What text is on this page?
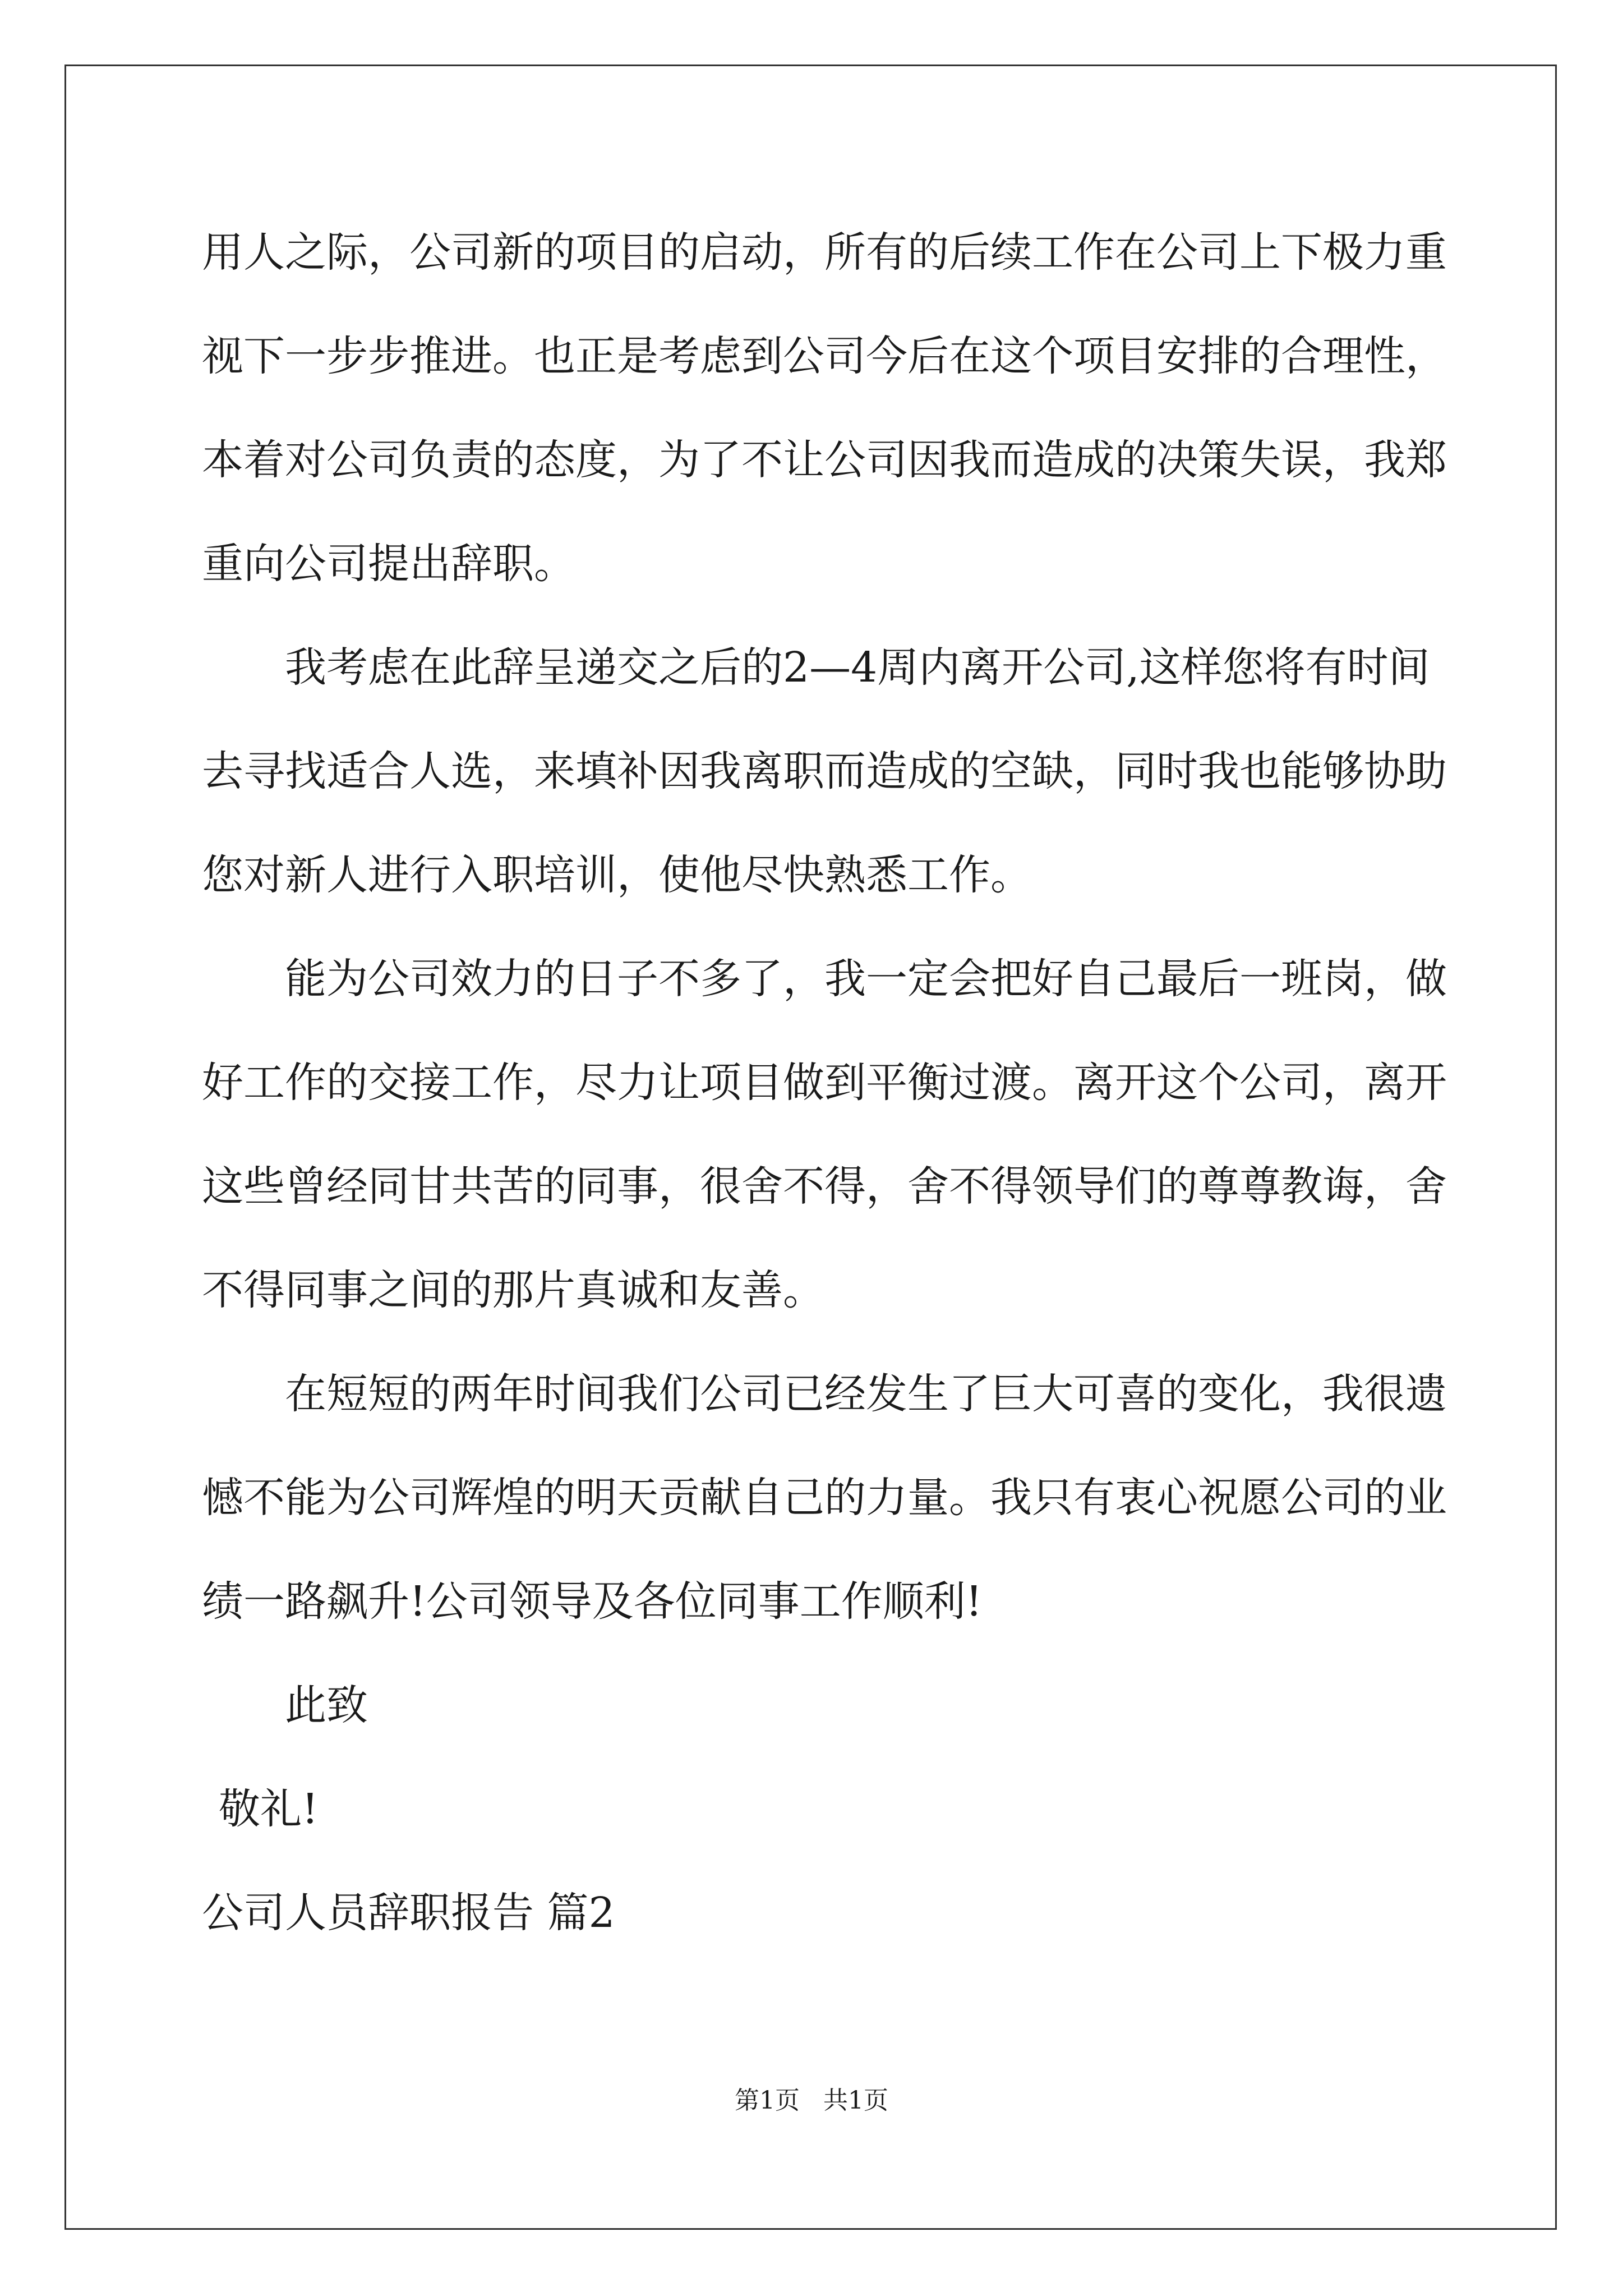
用人之际，公司新的项目的启动，所有的后续工作在公司上下极力重
视下一步步推进。也正是考虑到公司今后在这个项目安排的合理性，
本着对公司负责的态度，为了不让公司因我而造成的决策失误，我郑
重向公司提出辞职。
我考虑在此辞呈递交之后的2—4周内离开公司,这样您将有时间
去寻找适合人选，来填补因我离职而造成的空缺，同时我也能够协助
您对新人进行入职培训，使他尽快熟悉工作。
能为公司效力的日子不多了，我一定会把好自己最后一班岗，做
好工作的交接工作，尽力让项目做到平衡过渡。离开这个公司，离开
这些曾经同甘共苦的同事，很舍不得，舍不得领导们的尊尊教诲，舍
不得同事之间的那片真诚和友善。
在短短的两年时间我们公司已经发生了巨大可喜的变化，我很遗
憾不能为公司辉煌的明天贡献自己的力量。我只有衷心祝愿公司的业
绩一路飙升!公司领导及各位同事工作顺利!
此致
敬礼!
公司人员辞职报告 篇2
第1页   共1页
